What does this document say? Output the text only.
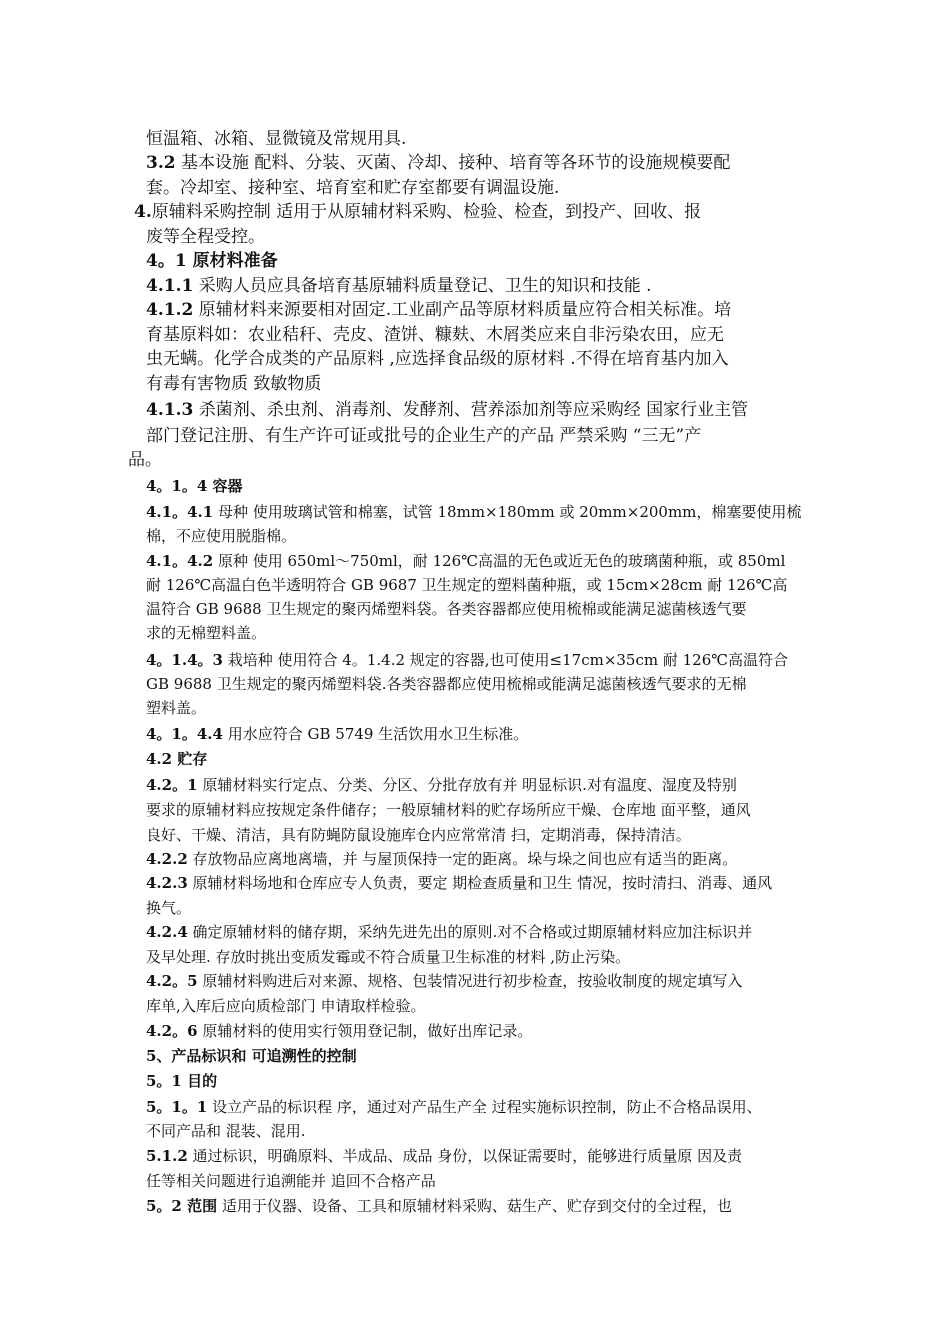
恒温箱、冰箱、显微镜及常规用具.
3.2 基本设施 配料、分装、灭菌、冷却、接种、培育等各环节的设施规模要配
套。冷却室、接种室、培育室和贮存室都要有调温设施.
4.原辅料采购控制 适用于从原辅材料采购、检验、检查，到投产、回收、报
废等全程受控。
4。1 原材料准备
4.1.1 采购人员应具备培育基原辅料质量登记、卫生的知识和技能 .
4.1.2 原辅材料来源要相对固定.工业副产品等原材料质量应符合相关标准。培
育基原料如：农业秸秆、壳皮、渣饼、糠麸、木屑类应来自非污染农田，应无
虫无螨。化学合成类的产品原料 ,应选择食品级的原材料 .不得在培育基内加入
有毒有害物质 致敏物质
4.1.3 杀菌剂、杀虫剂、消毒剂、发酵剂、营养添加剂等应采购经 国家行业主管
部门登记注册、有生产许可证或批号的企业生产的产品 严禁采购 “三无”产
品。
4。1。4 容器
4.1。4.1 母种 使用玻璃试管和棉塞，试管 18mm×180mm 或 20mm×200mm，棉塞要使用梳
棉，不应使用脱脂棉。
4.1。4.2 原种 使用 650ml～750ml，耐 126℃高温的无色或近无色的玻璃菌种瓶，或 850ml
耐 126℃高温白色半透明符合 GB 9687 卫生规定的塑料菌种瓶，或 15cm×28cm 耐 126℃高
温符合 GB 9688 卫生规定的聚丙烯塑料袋。各类容器都应使用梳棉或能满足滤菌核透气要
求的无棉塑料盖。
4。1.4。3 栽培种 使用符合 4。1.4.2 规定的容器,也可使用≤17cm×35cm 耐 126℃高温符合
GB 9688 卫生规定的聚丙烯塑料袋.各类容器都应使用梳棉或能满足滤菌核透气要求的无棉
塑料盖。
4。1。4.4 用水应符合 GB 5749 生活饮用水卫生标准。
4.2 贮存
4.2。1 原辅材料实行定点、分类、分区、分批存放有并 明显标识.对有温度、湿度及特别
要求的原辅材料应按规定条件储存；一般原辅材料的贮存场所应干燥、仓库地 面平整，通风
良好、干燥、清洁，具有防蝇防鼠设施库仓内应常常清 扫，定期消毒，保持清洁。
4.2.2 存放物品应离地离墙，并 与屋顶保持一定的距离。垛与垛之间也应有适当的距离。
4.2.3 原辅材料场地和仓库应专人负责，要定 期检查质量和卫生 情况，按时清扫、消毒、通风
换气。
4.2.4 确定原辅材料的储存期，采纳先进先出的原则.对不合格或过期原辅材料应加注标识并
及早处理. 存放时挑出变质发霉或不符合质量卫生标准的材料 ,防止污染。
4.2。5 原辅材料购进后对来源、规格、包装情况进行初步检查，按验收制度的规定填写入
库单,入库后应向质检部门 申请取样检验。
4.2。6 原辅材料的使用实行领用登记制，做好出库记录。
5、产品标识和 可追溯性的控制
5。1 目的
5。1。1 设立产品的标识程 序，通过对产品生产全 过程实施标识控制，防止不合格品误用、
不同产品和 混装、混用.
5.1.2 通过标识，明确原料、半成品、成品 身份，以保证需要时，能够进行质量原 因及责
任等相关问题进行追溯能并 追回不合格产品
5。2 范围 适用于仪器、设备、工具和原辅材料采购、菇生产、贮存到交付的全过程，也
